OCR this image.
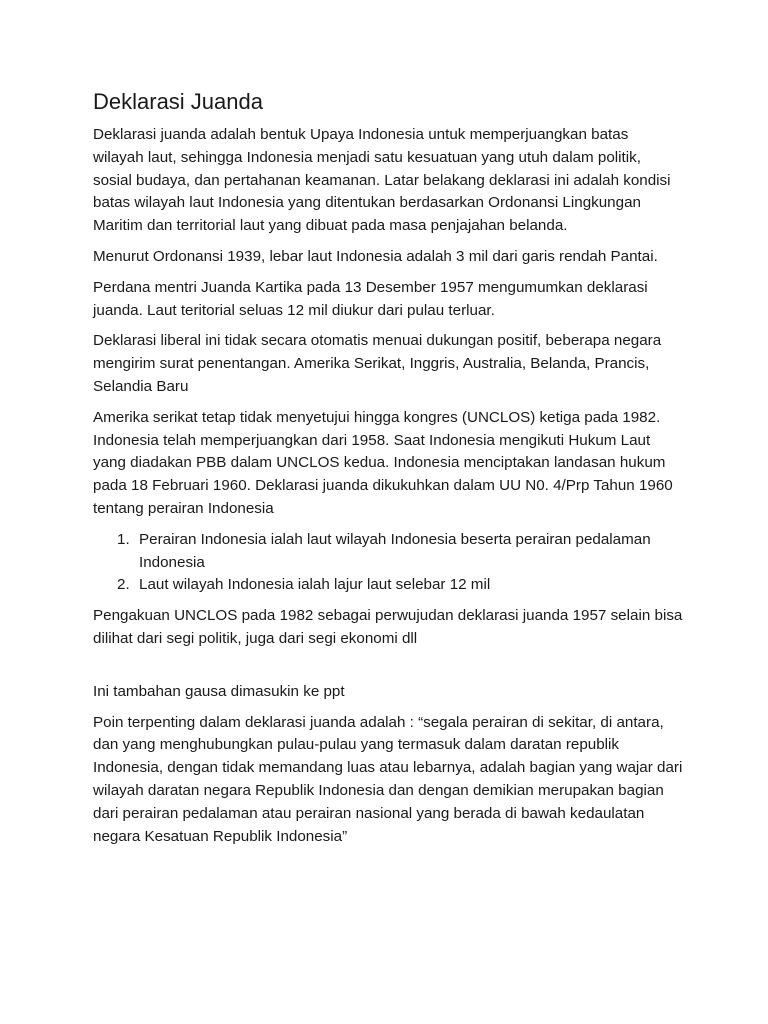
Deklarasi Juanda

Deklarasi juanda adalah bentuk Upaya Indonesia untuk memperjuangkan batas wilayah laut, sehingga Indonesia menjadi satu kesuatuan yang utuh dalam politik, sosial budaya, dan pertahanan keamanan. Latar belakang deklarasi ini adalah kondisi batas wilayah laut Indonesia yang ditentukan berdasarkan Ordonansi Lingkungan Maritim dan territorial laut yang dibuat pada masa penjajahan belanda.

Menurut Ordonansi 1939, lebar laut Indonesia adalah 3 mil dari garis rendah Pantai.

Perdana mentri Juanda Kartika pada 13 Desember 1957 mengumumkan deklarasi juanda. Laut teritorial seluas 12 mil diukur dari pulau terluar.

Deklarasi liberal ini tidak secara otomatis menuai dukungan positif, beberapa negara mengirim surat penentangan. Amerika Serikat, Inggris, Australia, Belanda, Prancis, Selandia Baru

Amerika serikat tetap tidak menyetujui hingga kongres (UNCLOS) ketiga pada 1982. Indonesia telah memperjuangkan dari 1958. Saat Indonesia mengikuti Hukum Laut yang diadakan PBB dalam UNCLOS kedua. Indonesia menciptakan landasan hukum pada 18 Februari 1960. Deklarasi juanda dikukuhkan dalam UU N0. 4/Prp Tahun 1960 tentang perairan Indonesia

1. Perairan Indonesia ialah laut wilayah Indonesia beserta perairan pedalaman Indonesia
2. Laut wilayah Indonesia ialah lajur laut selebar 12 mil

Pengakuan UNCLOS pada 1982 sebagai perwujudan deklarasi juanda 1957 selain bisa dilihat dari segi politik, juga dari segi ekonomi dll

Ini tambahan gausa dimasukin ke ppt

Poin terpenting dalam deklarasi juanda adalah : “segala perairan di sekitar, di antara, dan yang menghubungkan pulau-pulau yang termasuk dalam daratan republik Indonesia, dengan tidak memandang luas atau lebarnya, adalah bagian yang wajar dari wilayah daratan negara Republik Indonesia dan dengan demikian merupakan bagian dari perairan pedalaman atau perairan nasional yang berada di bawah kedaulatan negara Kesatuan Republik Indonesia”
